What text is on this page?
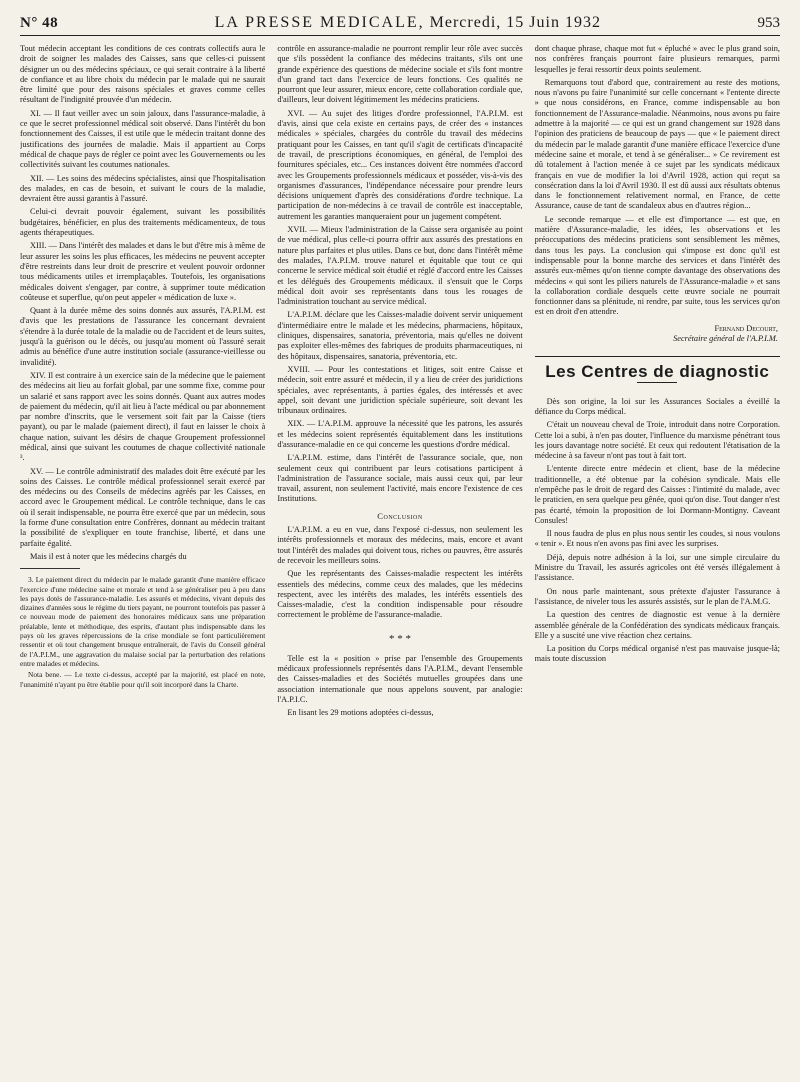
N° 48	LA PRESSE MEDICALE, Mercredi, 15 Juin 1932	953

Tout médecin acceptant les conditions de ces contrats collectifs aura le droit de soigner les malades des Caisses, sans que celles-ci puissent désigner un ou des médecins spéciaux, ce qui serait contraire à la liberté de confiance et au libre choix du médecin par le malade qui ne saurait être limité que pour des raisons spéciales et graves comme celles résultant de l'indignité prouvée d'un médecin.

XI. — Il faut veiller avec un soin jaloux, dans l'assurance-maladie, à ce que le secret professionnel médical soit observé. Dans l'intérêt du bon fonctionnement des Caisses, il est utile que le médecin traitant donne des justifications des journées de maladie. Mais il appartient au Corps médical de chaque pays de régler ce point avec les Gouvernements ou les collectivités suivant les coutumes nationales.

XII. — Les soins des médecins spécialistes, ainsi que l'hospitalisation des malades, en cas de besoin, et suivant le cours de la maladie, devraient être aussi garantis à l'assuré.

Celui-ci devrait pouvoir également, suivant les possibilités budgétaires, bénéficier, en plus des traitements médicamenteux, de tous agents thérapeutiques.

XIII. — Dans l'intérêt des malades et dans le but d'être mis à même de leur assurer les soins les plus efficaces, les médecins ne peuvent accepter d'être restreints dans leur droit de prescrire et veulent pouvoir ordonner tous médicaments utiles et irremplaçables. Toutefois, les organisations médicales doivent s'engager, par contre, à supprimer toute médication coûteuse et superflue, qu'on peut appeler « médication de luxe ».

Quant à la durée même des soins donnés aux assurés, l'A.P.I.M. est d'avis que les prestations de l'assurance les concernant devraient s'étendre à la durée totale de la maladie ou de l'accident et de leurs suites, jusqu'à la guérison ou le décès, ou jusqu'au moment où l'assuré serait admis au bénéfice d'une autre institution sociale (assurance-vieillesse ou invalidité).

XIV. Il est contraire à un exercice sain de la médecine que le paiement des médecins ait lieu au forfait global, par une somme fixe, comme pour un salarié et sans rapport avec les soins donnés. Quant aux autres modes de paiement du médecin, qu'il ait lieu à l'acte médical ou par abonnement par nombre d'inscrits, que le versement soit fait par la Caisse (tiers payant), ou par le malade (paiement direct), il faut en laisser le choix à chaque nation, suivant les désirs de chaque Groupement professionnel médical, ainsi que suivant les coutumes de chaque collectivité nationale ³.

XV. — Le contrôle administratif des malades doit être exécuté par les soins des Caisses. Le contrôle médical professionnel serait exercé par des médecins ou des Conseils de médecins agréés par les Caisses, en accord avec le Groupement médical. Le contrôle technique, dans le cas où il serait indispensable, ne pourra être exercé que par un médecin, sous la forme d'une consultation entre Confrères, donnant au médecin traitant la possibilité de s'expliquer en toute franchise, liberté, et dans une parfaite égalité.

Mais il est à noter que les médecins chargés du

3. Le paiement direct du médecin par le malade garantit d'une manière efficace l'exercice d'une médecine saine et morale et tend à se généraliser peu à peu dans les pays dotés de l'assurance-maladie. Les assurés et médecins, vivant depuis des dizaines d'années sous le régime du tiers payant, ne pourront toutefois pas passer à ce nouveau mode de paiement des honoraires médicaux sans une préparation préalable, lente et méthodique, des esprits, d'autant plus indispensable dans les pays où les graves répercussions de la crise mondiale se font particulièrement ressentir et où tout changement brusque entraînerait, de l'avis du Conseil général de l'A.P.I.M., une aggravation du malaise social par la perturbation des relations entre malades et médecins.

Nota bene. — Le texte ci-dessus, accepté par la majorité, est placé en note, l'unanimité n'ayant pu être établie pour qu'il soit incorporé dans la Charte.

contrôle en assurance-maladie ne pourront remplir leur rôle avec succès que s'ils possèdent la confiance des médecins traitants, s'ils ont une grande expérience des questions de médecine sociale et s'ils font montre d'un grand tact dans l'exercice de leurs fonctions. Ces qualités ne pourront que leur assurer, mieux encore, cette collaboration cordiale que, d'ailleurs, leur doivent légitimement les médecins praticiens.

XVI. — Au sujet des litiges d'ordre professionnel, l'A.P.I.M. est d'avis, ainsi que cela existe en certains pays, de créer des « instances médicales » spéciales, chargées du contrôle du travail des médecins pratiquant pour les Caisses, en tant qu'il s'agit de certificats d'incapacité de travail, de prescriptions économiques, en général, de l'emploi des fournitures spéciales, etc... Ces instances doivent être nommées d'accord avec les Groupements professionnels médicaux et posséder, vis-à-vis des organismes d'assurances, l'indépendance nécessaire pour prendre leurs décisions uniquement d'après des considérations d'ordre technique. La participation de non-médecins à ce travail de contrôle est inacceptable, autrement les garanties manqueraient pour un jugement compétent.

XVII. — Mieux l'administration de la Caisse sera organisée au point de vue médical, plus celle-ci pourra offrir aux assurés des prestations en nature plus parfaites et plus utiles. Dans ce but, donc dans l'intérêt même des malades, l'A.P.I.M. trouve naturel et équitable que tout ce qui concerne le service médical soit étudié et réglé d'accord entre les Caisses et les délégués des Groupements médicaux. il s'ensuit que le Corps médical doit avoir ses représentants dans tous les rouages de l'administration touchant au service médical.

L'A.P.I.M. déclare que les Caisses-maladie doivent servir uniquement d'intermédiaire entre le malade et les médecins, pharmaciens, hôpitaux, cliniques, dispensaires, sanatoria, préventoria, mais qu'elles ne doivent pas exploiter elles-mêmes des fabriques de produits pharmaceutiques, ni des hôpitaux, dispensaires, sanatoria, préventoria, etc.

XVIII. — Pour les contestations et litiges, soit entre Caisse et médecin, soit entre assuré et médecin, il y a lieu de créer des juridictions spéciales, avec représentants, à parties égales, des intéressés et avec appel, soit devant une juridiction spéciale supérieure, soit devant les tribunaux ordinaires.

XIX. — L'A.P.I.M. approuve la nécessité que les patrons, les assurés et les médecins soient représentés équitablement dans les institutions d'assurance-maladie en ce qui concerne les questions d'ordre médical.

L'A.P.I.M. estime, dans l'intérêt de l'assurance sociale, que, non seulement ceux qui contribuent par leurs cotisations participent à l'administration de l'assurance sociale, mais aussi ceux qui, par leur travail, assurent, non seulement l'activité, mais encore l'existence de ces Institutions.

Conclusion

L'A.P.I.M. a eu en vue, dans l'exposé ci-dessus, non seulement les intérêts professionnels et moraux des médecins, mais, encore et avant tout l'intérêt des malades qui doivent tous, riches ou pauvres, être assurés de recevoir les meilleurs soins.

Que les représentants des Caisses-maladie respectent les intérêts essentiels des médecins, comme ceux des malades, que les médecins respectent, avec les intérêts des malades, les intérêts essentiels des Caisses-maladie, c'est la condition indispensable pour résoudre correctement le problème de l'assurance-maladie.

* * *

Telle est la « position » prise par l'ensemble des Groupements médicaux professionnels représentés dans l'A.P.I.M., devant l'ensemble des Caisses-maladies et des Sociétés mutuelles groupées dans une association internationale que nous appelons souvent, par analogie: l'A.P.I.C.

En lisant les 29 motions adoptées ci-dessus,

dont chaque phrase, chaque mot fut « épluché » avec le plus grand soin, nos confrères français pourront faire plusieurs remarques, parmi lesquelles je ferai ressortir deux points seulement.

Remarquons tout d'abord que, contrairement au reste des motions, nous n'avons pu faire l'unanimité sur celle concernant « l'entente directe » que nous considérons, en France, comme indispensable au bon fonctionnement de l'Assurance-maladie. Néanmoins, nous avons pu faire admettre à la majorité — ce qui est un grand changement sur 1928 dans l'opinion des praticiens de beaucoup de pays — que « le paiement direct du médecin par le malade garantit d'une manière efficace l'exercice d'une médecine saine et morale, et tend à se généraliser... » Ce revirement est dû totalement à l'action menée à ce sujet par les syndicats médicaux français en vue de modifier la loi d'Avril 1928, action qui reçut sa consécration dans la loi d'Avril 1930. Il est dû aussi aux résultats obtenus dans le fonctionnement relativement normal, en France, de cette Assurance, cause de tant de scandaleux abus en d'autres région...

Le seconde remarque — et elle est d'importance — est que, en matière d'Assurance-maladie, les idées, les observations et les préoccupations des médecins praticiens sont sensiblement les mêmes, dans tous les pays. La conclusion qui s'impose est donc qu'il est indispensable pour la bonne marche des services et dans l'intérêt des assurés eux-mêmes qu'on tienne compte davantage des observations des médecins « qui sont les piliers naturels de l'Assurance-maladie » et sans la collaboration cordiale desquels cette œuvre sociale ne pourrait fonctionner dans sa plénitude, ni rendre, par suite, tous les services qu'on est en droit d'en attendre.

Fernand Decourt,
Secrétaire général de l'A.P.I.M.
Les Centres de diagnostic

Dès son origine, la loi sur les Assurances Sociales a éveillé la défiance du Corps médical.

C'était un nouveau cheval de Troie, introduit dans notre Corporation. Cette loi a subi, à n'en pas douter, l'influence du marxisme pénétrant tous les jours davantage notre société. Et ceux qui redoutent l'étatisation de la médecine à sa faveur n'ont pas tout à fait tort.

L'entente directe entre médecin et client, base de la médecine traditionnelle, a été obtenue par la cohésion syndicale. Mais elle n'empêche pas le droit de regard des Caisses : l'intimité du malade, avec le praticien, en sera quelque peu gênée, quoi qu'on dise. Tout danger n'est pas écarté, témoin la proposition de loi Dormann-Montigny. Caveant Consules!

Il nous faudra de plus en plus nous sentir les coudes, si nous voulons « tenir ». Et nous n'en avons pas fini avec les surprises.

Déjà, depuis notre adhésion à la loi, sur une simple circulaire du Ministre du Travail, les assurés agricoles ont été versés illégalement à l'assistance.

On nous parle maintenant, sous prétexte d'ajuster l'assurance à l'assistance, de niveler tous les assurés assistés, sur le plan de l'A.M.G.

La question des centres de diagnostic est venue à la dernière assemblée générale de la Confédération des syndicats médicaux français. Elle y a suscité une vive réaction chez certains.

La position du Corps médical organisé n'est pas mauvaise jusque-là; mais toute discussion
